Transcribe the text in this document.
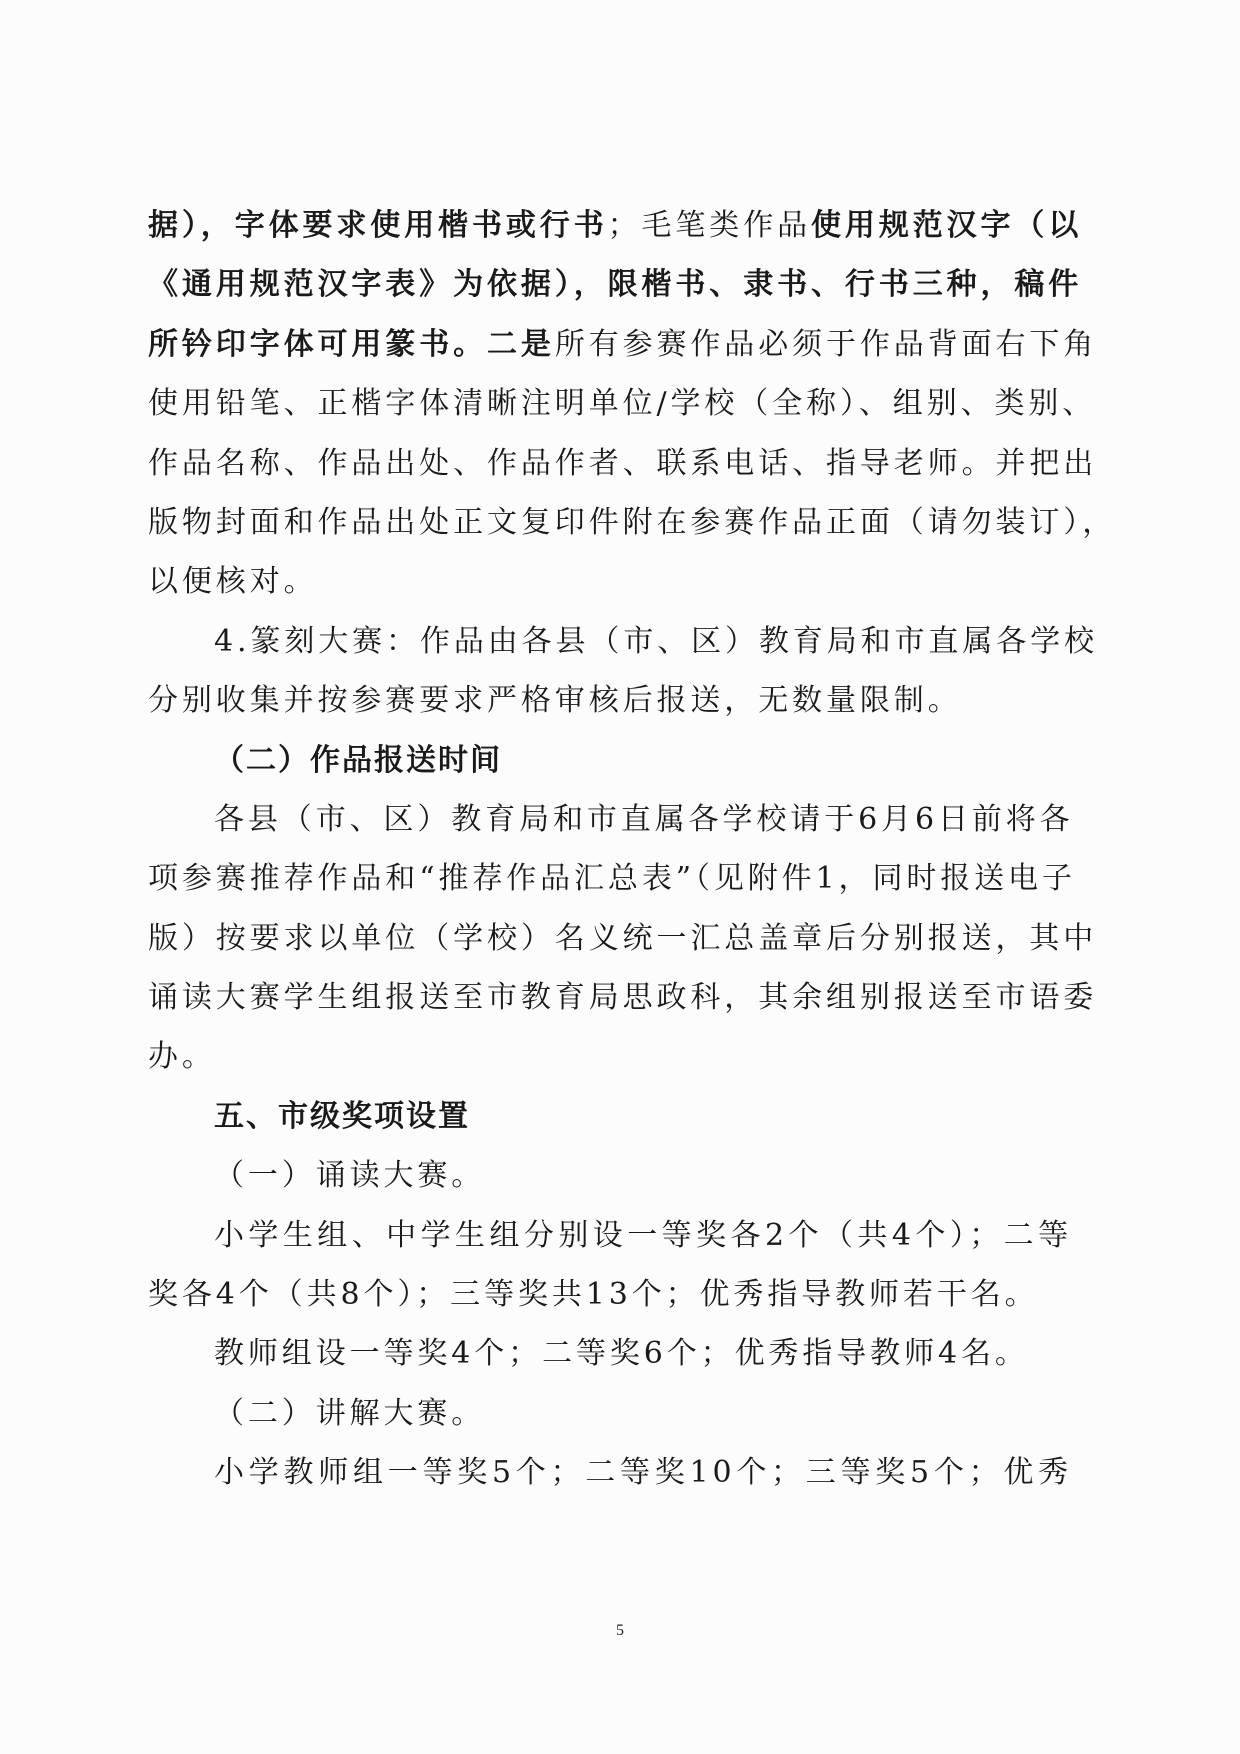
据），字体要求使用楷书或行书；毛笔类作品使用规范汉字（以
《通用规范汉字表》为依据），限楷书、隶书、行书三种，稿件
所钤印字体可用篆书。二是所有参赛作品必须于作品背面右下角
使用铅笔、正楷字体清晰注明单位/学校（全称）、组别、类别、
作品名称、作品出处、作品作者、联系电话、指导老师。并把出
版物封面和作品出处正文复印件附在参赛作品正面（请勿装订），
以便核对。
4.篆刻大赛：作品由各县（市、区）教育局和市直属各学校
分别收集并按参赛要求严格审核后报送，无数量限制。
（二）作品报送时间
各县（市、区）教育局和市直属各学校请于6月6日前将各
项参赛推荐作品和“推荐作品汇总表”（见附件1，同时报送电子
版）按要求以单位（学校）名义统一汇总盖章后分别报送，其中
诵读大赛学生组报送至市教育局思政科，其余组别报送至市语委
办。
五、市级奖项设置
（一）诵读大赛。
小学生组、中学生组分别设一等奖各2个（共4个）；二等
奖各4个（共8个）；三等奖共13个；优秀指导教师若干名。
教师组设一等奖4个；二等奖6个；优秀指导教师4名。
（二）讲解大赛。
小学教师组一等奖5个；二等奖10个；三等奖5个；优秀
5
